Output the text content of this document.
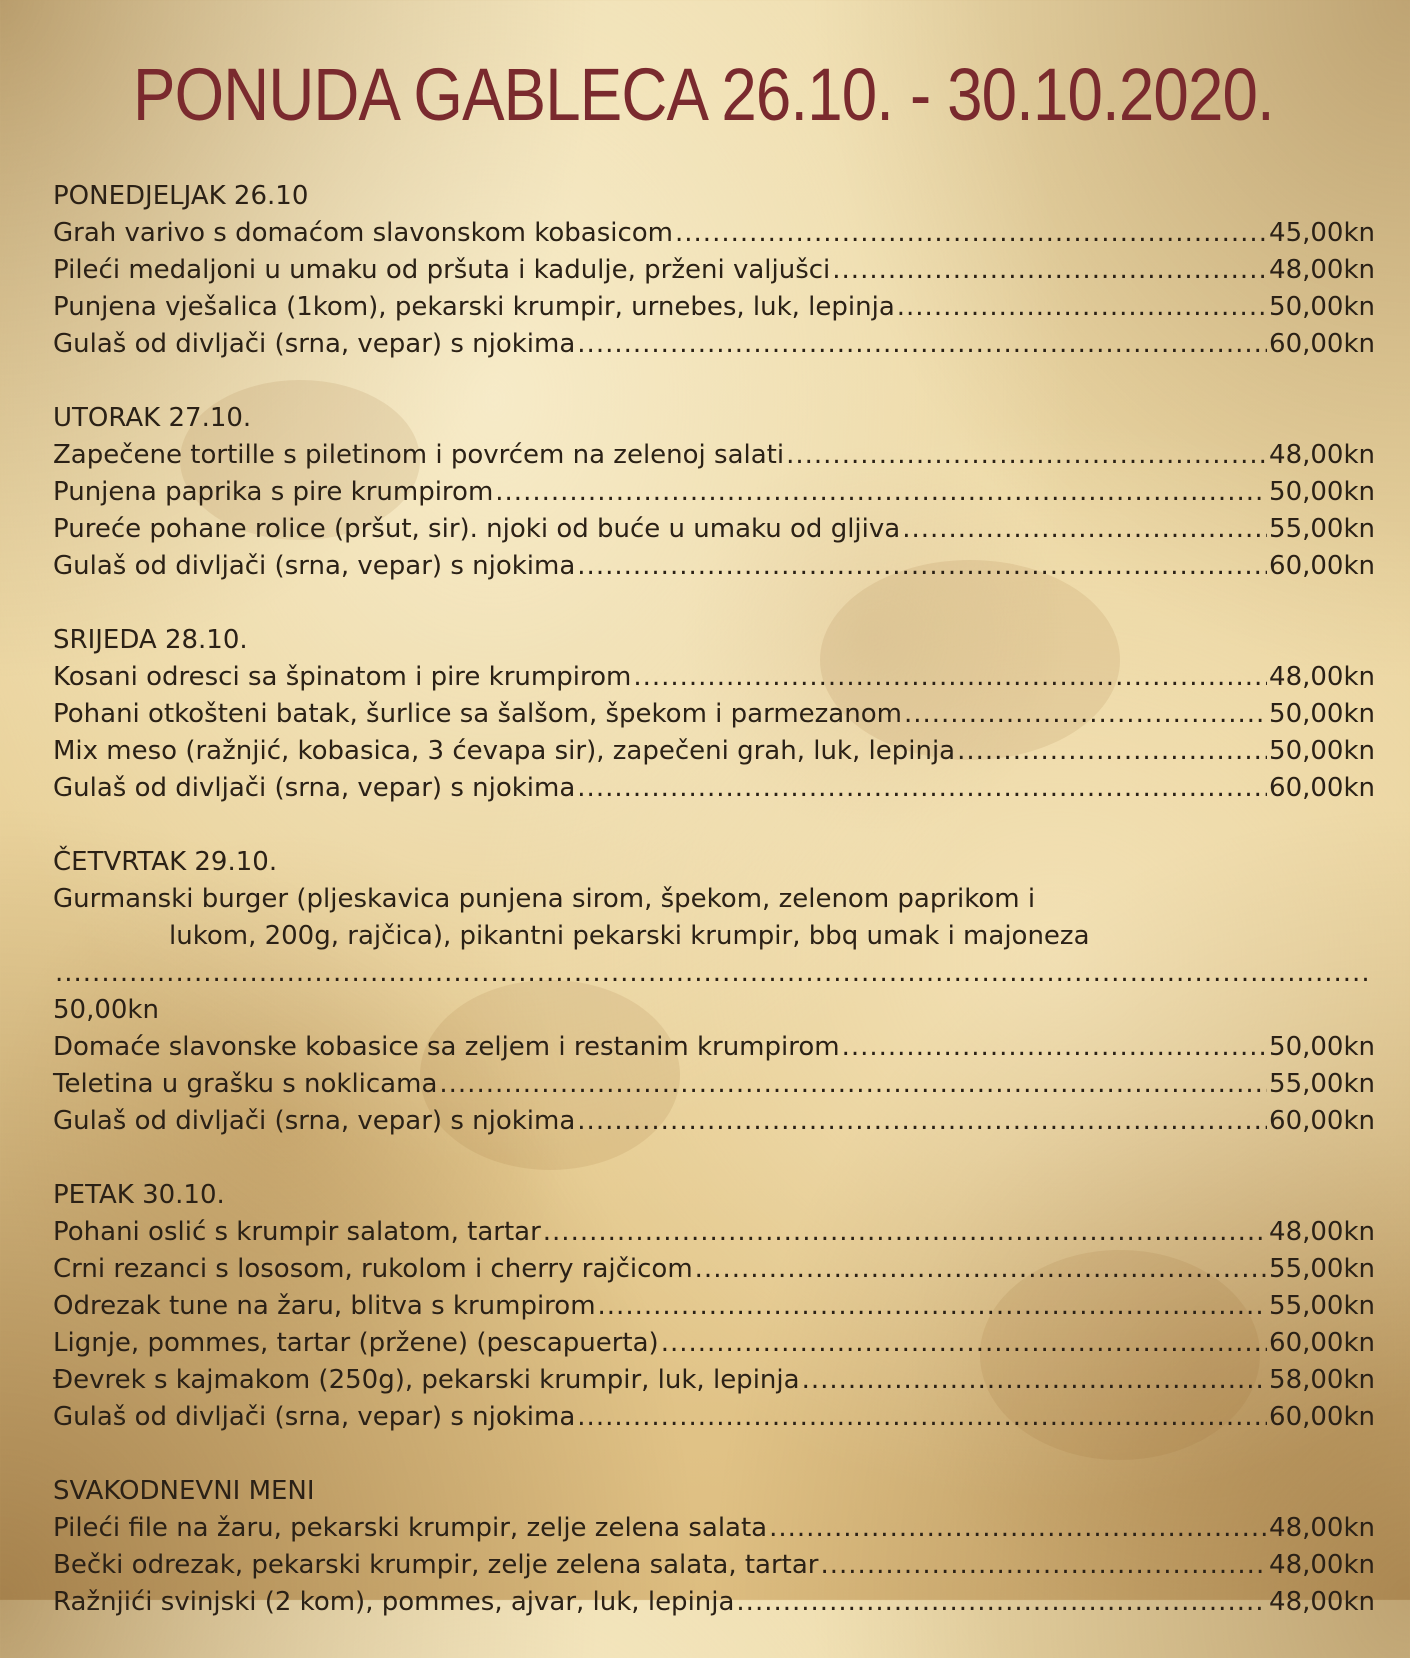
PONUDA GABLECA 26.10. - 30.10.2020.
PONEDJELJAK 26.10
Grah varivo s domaćom slavonskom kobasicom .....	45,00kn
Pileći medaljoni u umaku od pršuta i kadulje, prženi valjušci .....	48,00kn
Punjena vješalica (1kom), pekarski krumpir, urnebes, luk, lepinja .....	50,00kn
Gulaš od divljači (srna, vepar) s njokima .....	60,00kn
UTORAK 27.10.
Zapečene tortille s piletinom i povrćem na zelenoj salati .....	48,00kn
Punjena paprika s pire krumpirom .....	50,00kn
Pureće pohane rolice (pršut, sir). njoki od buće u umaku od gljiva .....	55,00kn
Gulaš od divljači (srna, vepar) s njokima .....	60,00kn
SRIJEDA 28.10.
Kosani odresci sa špinatom i pire krumpirom .....	48,00kn
Pohani otkošteni batak, šurlice sa šalšom, špekom i parmezanom .....	50,00kn
Mix meso (ražnjić, kobasica, 3 ćevapa sir), zapečeni grah, luk, lepinja .....	50,00kn
Gulaš od divljači (srna, vepar) s njokima .....	60,00kn
ČETVRTAK 29.10.
Gurmanski burger (pljeskavica punjena sirom, špekom, zelenom paprikom i
lukom, 200g, rajčica), pikantni pekarski krumpir, bbq umak i majoneza
.....
50,00kn
Domaće slavonske kobasice sa zeljem i restanim krumpirom .....	50,00kn
Teletina u grašku s noklicama .....	55,00kn
Gulaš od divljači (srna, vepar) s njokima .....	60,00kn
PETAK 30.10.
Pohani oslić s krumpir salatom, tartar .....	48,00kn
Crni rezanci s lososom, rukolom i cherry rajčicom .....	55,00kn
Odrezak tune na žaru, blitva s krumpirom .....	55,00kn
Lignje, pommes, tartar (pržene) (pescapuerta) .....	60,00kn
Đevrek s kajmakom (250g), pekarski krumpir, luk, lepinja .....	58,00kn
Gulaš od divljači (srna, vepar) s njokima .....	60,00kn
SVAKODNEVNI MENI
Pileći file na žaru, pekarski krumpir, zelje zelena salata .....	48,00kn
Bečki odrezak, pekarski krumpir, zelje zelena salata, tartar .....	48,00kn
Ražnjići svinjski (2 kom), pommes, ajvar, luk, lepinja .....	48,00kn
